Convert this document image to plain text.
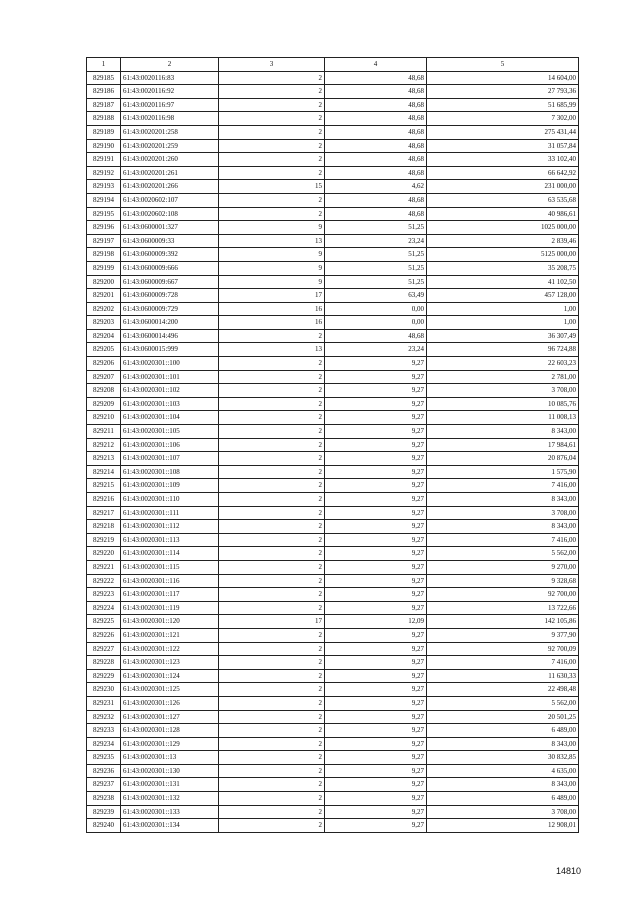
1	2	3	4	5
829185	61:43:0020116:83	2	48,68	14 604,00
829186	61:43:0020116:92	2	48,68	27 793,36
829187	61:43:0020116:97	2	48,68	51 685,99
829188	61:43:0020116:98	2	48,68	7 302,00
829189	61:43:0020201:258	2	48,68	275 431,44
829190	61:43:0020201:259	2	48,68	31 057,84
829191	61:43:0020201:260	2	48,68	33 102,40
829192	61:43:0020201:261	2	48,68	66 642,92
829193	61:43:0020201:266	15	4,62	231 000,00
829194	61:43:0020602:107	2	48,68	63 535,68
829195	61:43:0020602:108	2	48,68	40 986,61
829196	61:43:0600001:327	9	51,25	1025 000,00
829197	61:43:0600009:33	13	23,24	2 839,46
829198	61:43:0600009:392	9	51,25	5125 000,00
829199	61:43:0600009:666	9	51,25	35 208,75
829200	61:43:0600009:667	9	51,25	41 102,50
829201	61:43:0600009:728	17	63,49	457 128,00
829202	61:43:0600009:729	16	0,00	1,00
829203	61:43:0600014:200	16	0,00	1,00
829204	61:43:0600014:496	2	48,68	36 307,49
829205	61:43:0600015:999	13	23,24	96 724,88
829206	61:43:0020301::100	2	9,27	22 603,23
829207	61:43:0020301::101	2	9,27	2 781,00
829208	61:43:0020301::102	2	9,27	3 708,00
829209	61:43:0020301::103	2	9,27	10 085,76
829210	61:43:0020301::104	2	9,27	11 008,13
829211	61:43:0020301::105	2	9,27	8 343,00
829212	61:43:0020301::106	2	9,27	17 984,61
829213	61:43:0020301::107	2	9,27	20 876,04
829214	61:43:0020301::108	2	9,27	1 575,90
829215	61:43:0020301::109	2	9,27	7 416,00
829216	61:43:0020301::110	2	9,27	8 343,00
829217	61:43:0020301::111	2	9,27	3 708,00
829218	61:43:0020301::112	2	9,27	8 343,00
829219	61:43:0020301::113	2	9,27	7 416,00
829220	61:43:0020301::114	2	9,27	5 562,00
829221	61:43:0020301::115	2	9,27	9 270,00
829222	61:43:0020301::116	2	9,27	9 328,68
829223	61:43:0020301::117	2	9,27	92 700,00
829224	61:43:0020301::119	2	9,27	13 722,66
829225	61:43:0020301::120	17	12,09	142 105,86
829226	61:43:0020301::121	2	9,27	9 377,90
829227	61:43:0020301::122	2	9,27	92 700,09
829228	61:43:0020301::123	2	9,27	7 416,00
829229	61:43:0020301::124	2	9,27	11 630,33
829230	61:43:0020301::125	2	9,27	22 498,48
829231	61:43:0020301::126	2	9,27	5 562,00
829232	61:43:0020301::127	2	9,27	20 501,25
829233	61:43:0020301::128	2	9,27	6 489,00
829234	61:43:0020301::129	2	9,27	8 343,00
829235	61:43:0020301::13	2	9,27	30 832,85
829236	61:43:0020301::130	2	9,27	4 635,00
829237	61:43:0020301::131	2	9,27	8 343,00
829238	61:43:0020301::132	2	9,27	6 489,00
829239	61:43:0020301::133	2	9,27	3 708,00
829240	61:43:0020301::134	2	9,27	12 908,01
14810
